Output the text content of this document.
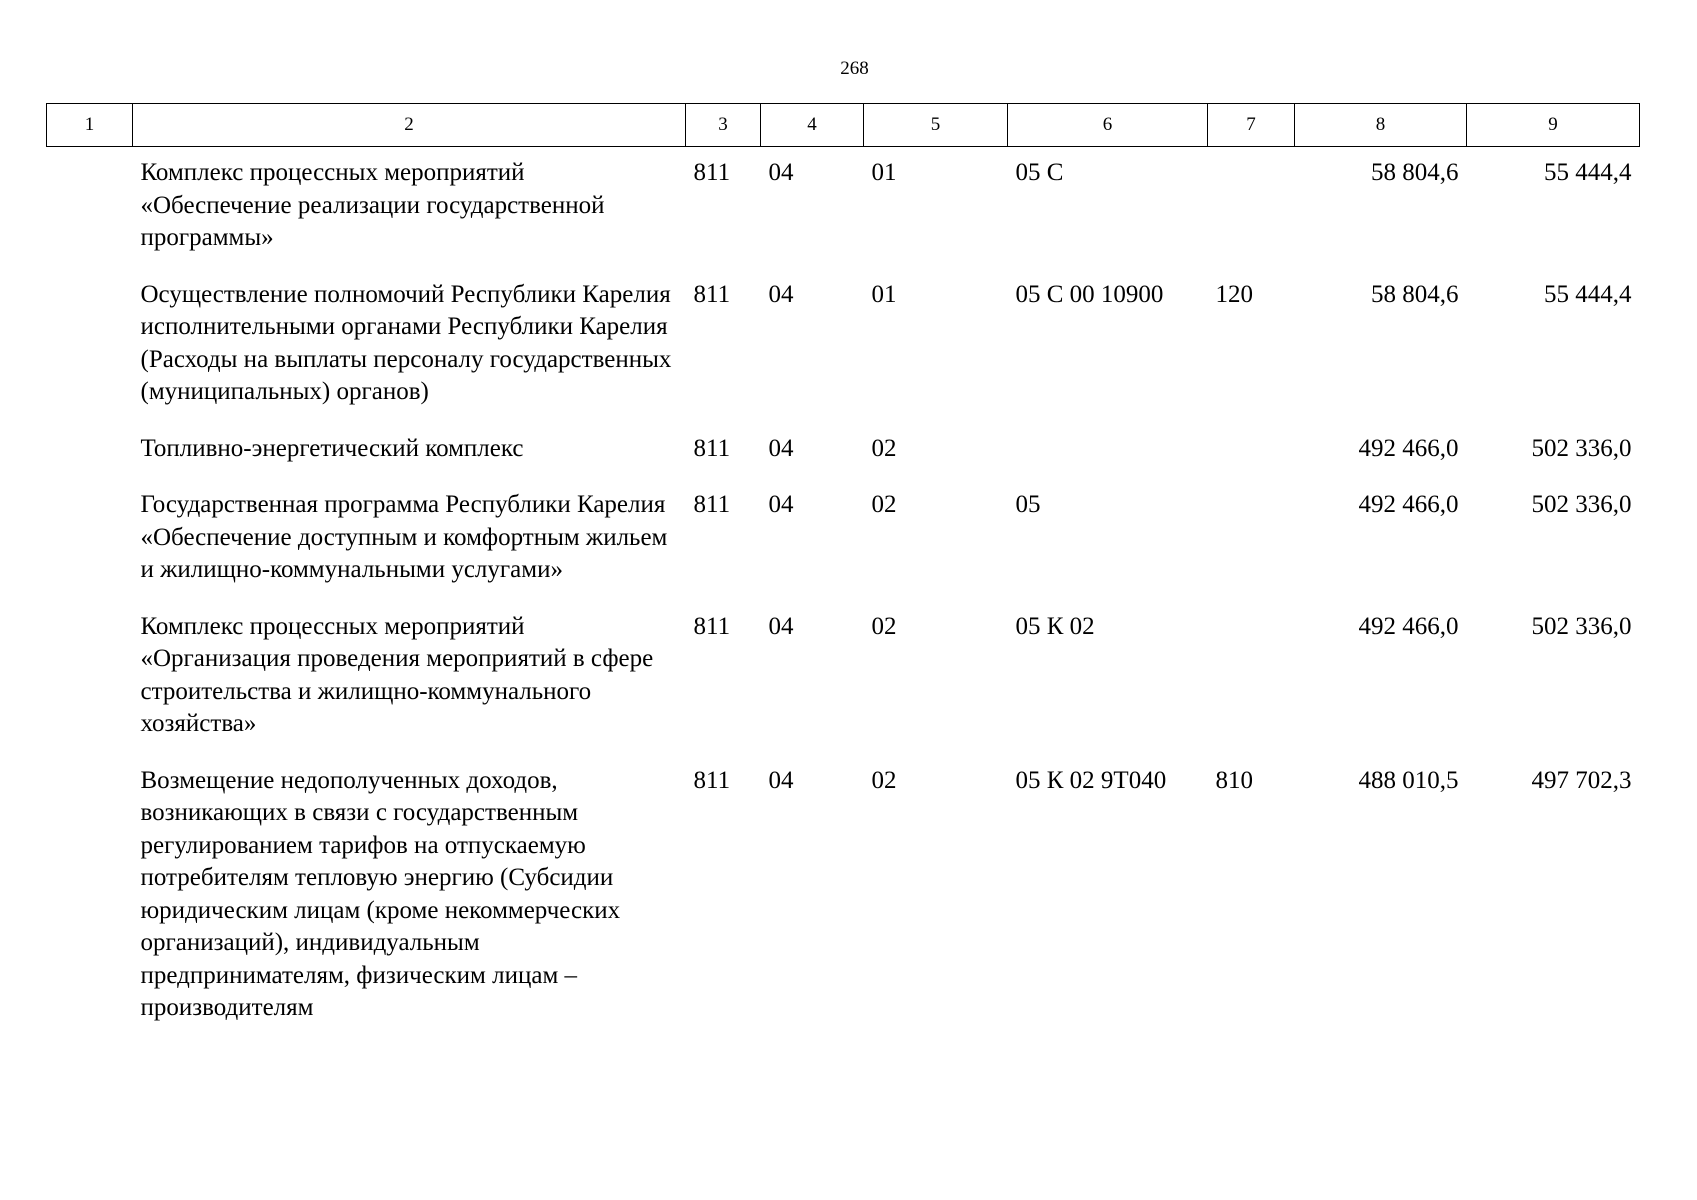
268
1	2	3	4	5	6	7	8	9
	Комплекс процессных мероприятий «Обеспечение реализации государственной программы»	811	04	01	05 С		58 804,6	55 444,4
	Осуществление полномочий Республики Карелия исполнительными органами Республики Карелия (Расходы на выплаты персоналу государственных (муниципальных) органов)	811	04	01	05 С 00 10900	120	58 804,6	55 444,4
	Топливно-энергетический комплекс	811	04	02			492 466,0	502 336,0
	Государственная программа Республики Карелия «Обеспечение доступным и комфортным жильем и жилищно-коммунальными услугами»	811	04	02	05		492 466,0	502 336,0
	Комплекс процессных мероприятий «Организация проведения мероприятий в сфере строительства и жилищно-коммунального хозяйства»	811	04	02	05 К 02		492 466,0	502 336,0
	Возмещение недополученных доходов, возникающих в связи с государственным регулированием тарифов на отпускаемую потребителям тепловую энергию (Субсидии юридическим лицам (кроме некоммерческих организаций), индивидуальным предпринимателям, физическим лицам – производителям	811	04	02	05 К 02 9Т040	810	488 010,5	497 702,3
